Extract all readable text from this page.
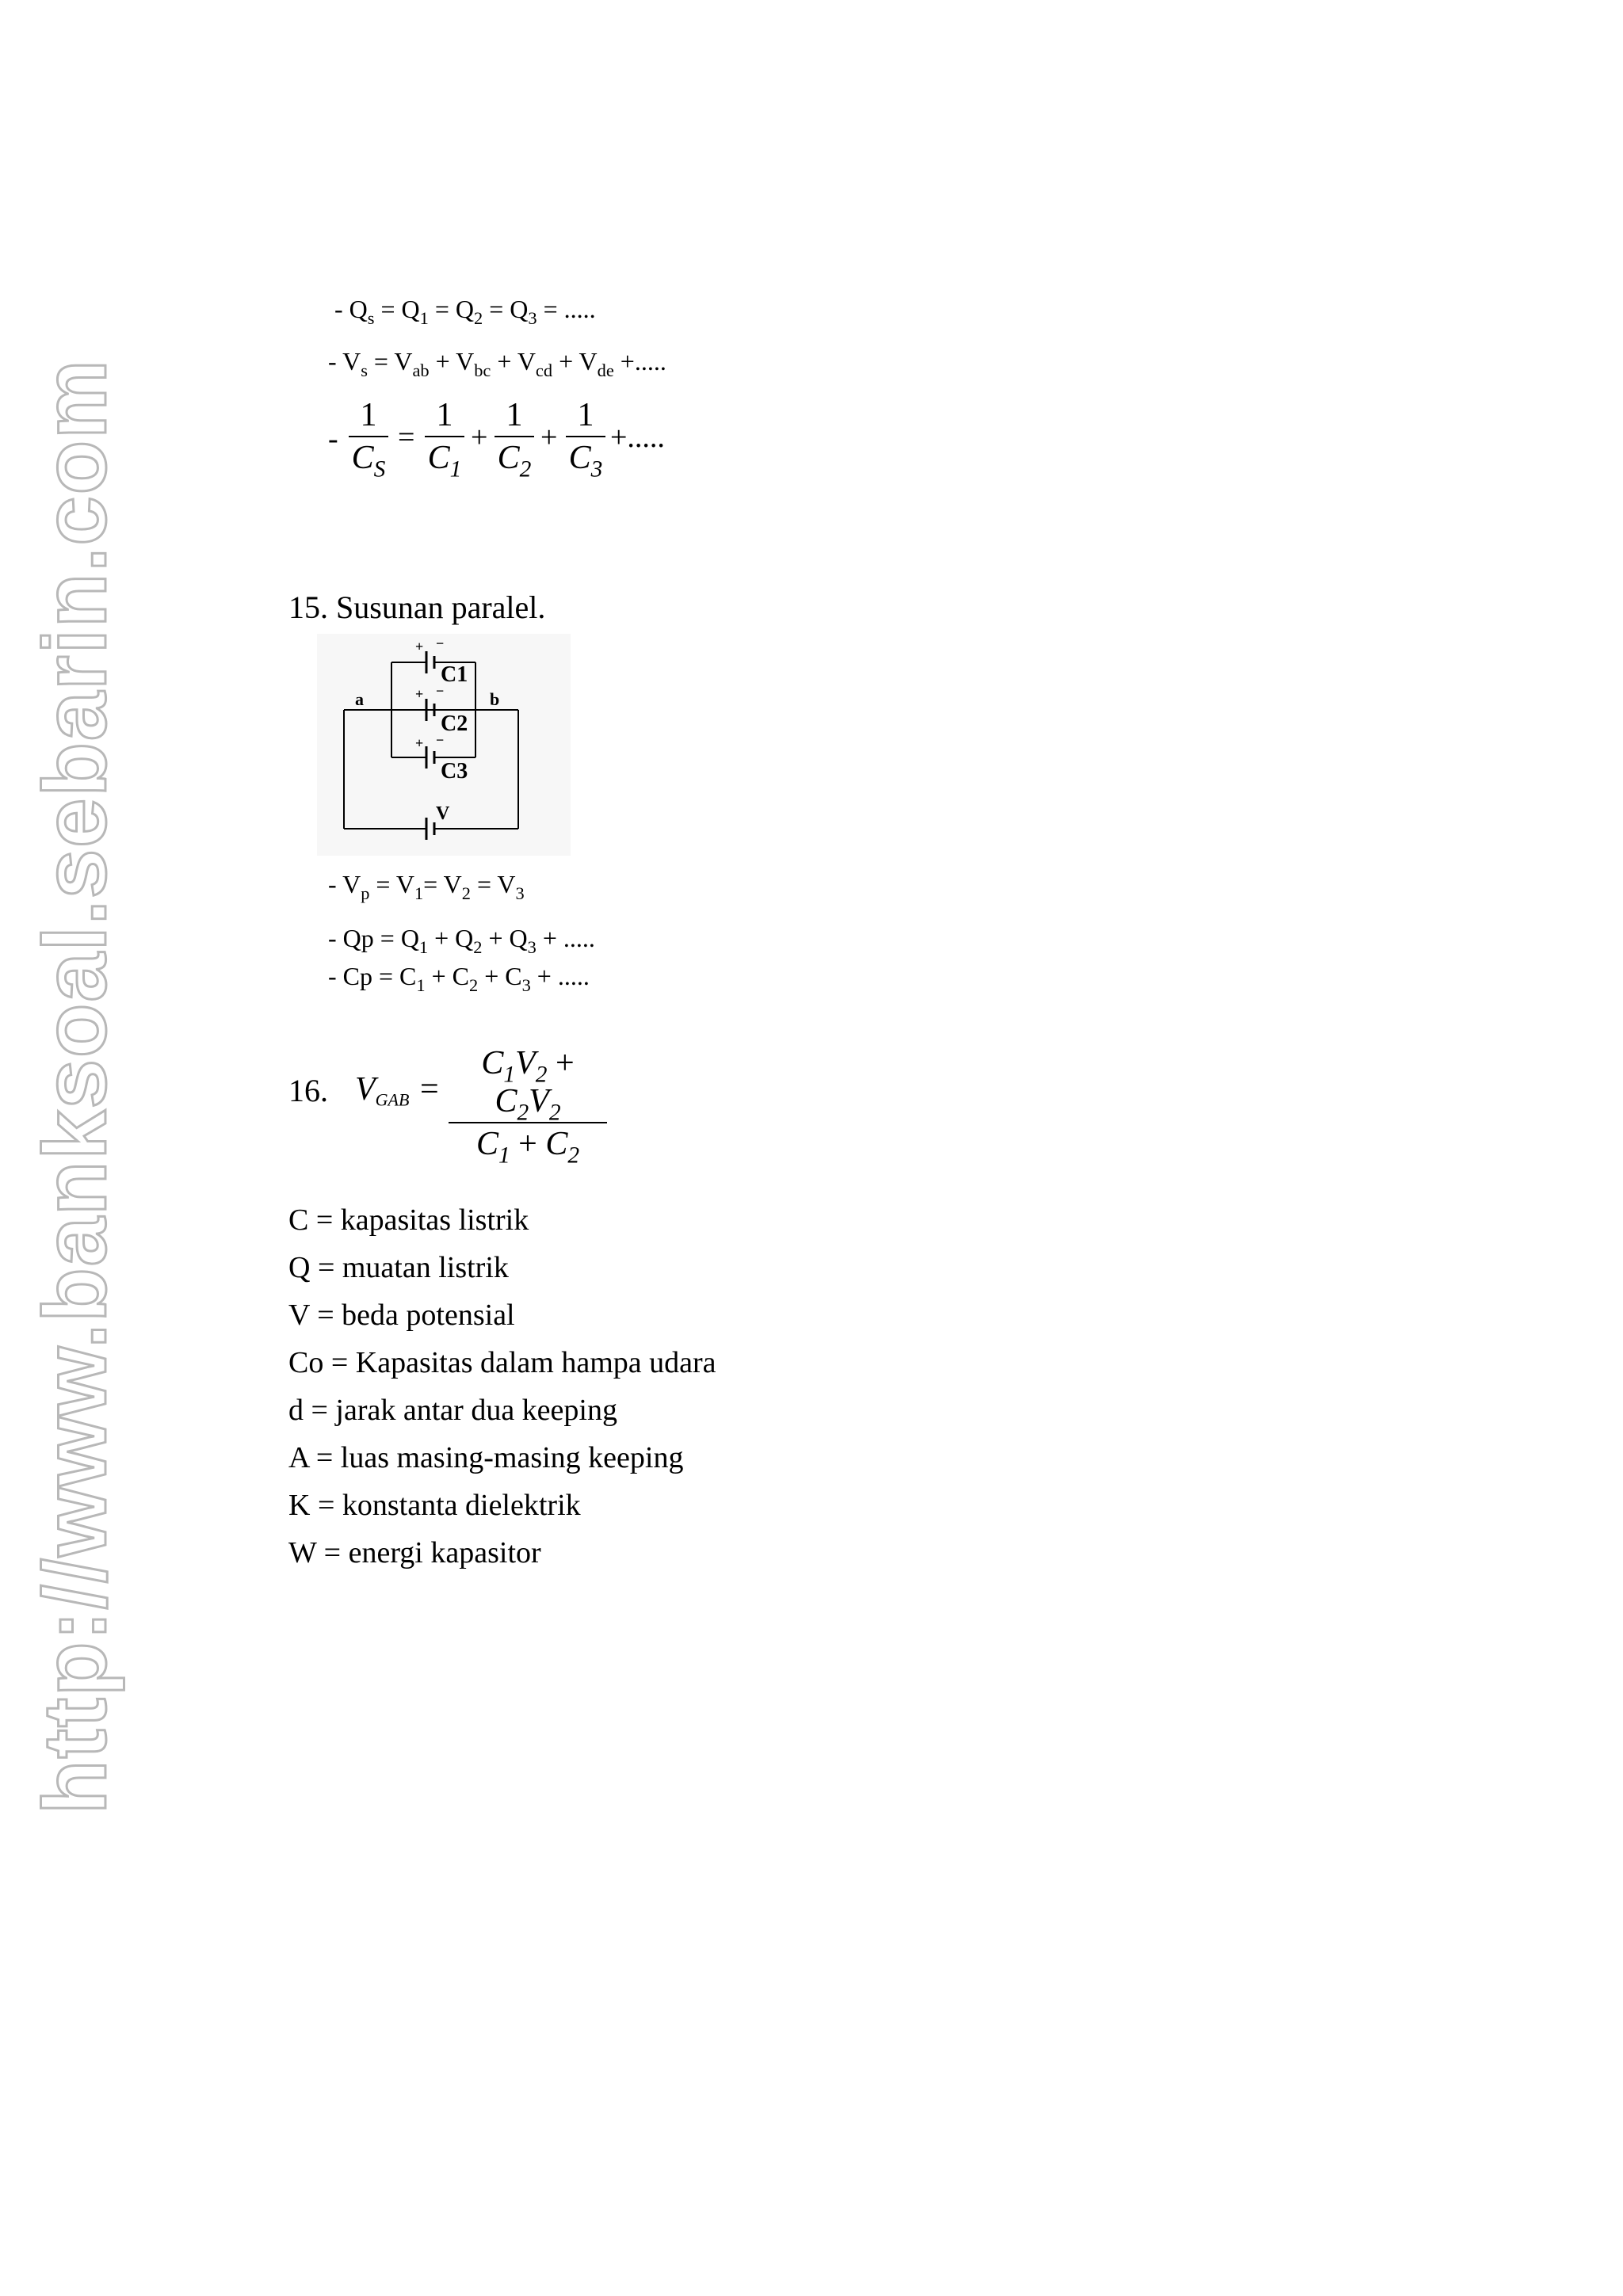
http://www.banksoal.sebarin.com
- $Q_s = Q_1 = Q_2 = Q_3$ = .....
- $V_s = V_{ab} + V_{bc} + V_{cd} + V_{de}$ +.....
-
1
$C_S$
=
1
$C_1$
+
1
$C_2$
+
1
$C_3$
+.....
15. Susunan paralel.
a	b
C1
C2
C3
V
+ −
+ −
+ −
- $V_p = V_1= V_2 = V_3$
- $Qp = Q_1 + Q_2 + Q_3$ + .....
- $Cp = C_1 + C_2 + C_3$ + .....
16. $V_{GAB}$ =
$C_1V_2 + C_2V_2$
$C_1 + C_2$
C = kapasitas listrik
Q = muatan listrik
V = beda potensial
Co = Kapasitas dalam hampa udara
d = jarak antar dua keeping
A = luas masing-masing keeping
K = konstanta dielektrik
W = energi kapasitor
